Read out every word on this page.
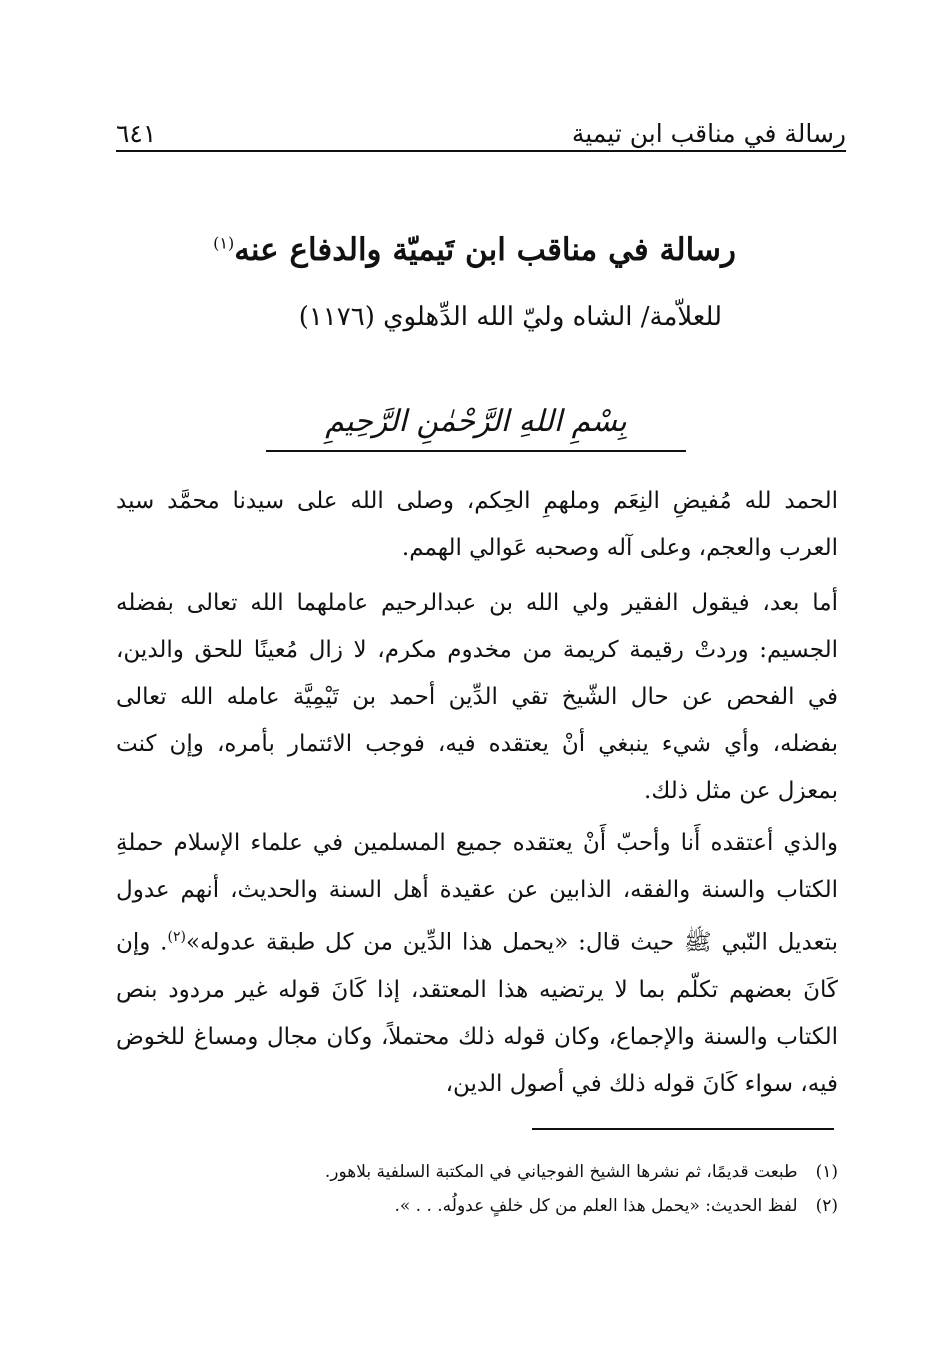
رسالة في مناقب ابن تيمية
٦٤١
رسالة في مناقب ابن تَيميّة والدفاع عنه$^{(١)}$
للعلاّمة/ الشاه وليّ الله الدِّهلوي (١١٧٦)
بِسْمِ اللهِ الرَّحْمٰنِ الرَّحِيمِ

الحمد لله مُفيضِ النِعَم وملهمِ الحِكم، وصلى الله على سيدنا محمَّد سيد العرب والعجم، وعلى آله وصحبه عَوالي الهمم.

أما بعد، فيقول الفقير ولي الله بن عبدالرحيم عاملهما الله تعالى بفضله الجسيم: وردتْ رقيمة كريمة من مخدوم مكرم، لا زال مُعينًا للحق والدين، في الفحص عن حال الشّيخ تقي الدِّين أحمد بن تَيْمِيَّة عامله الله تعالى بفضله، وأي شيء ينبغي أنْ يعتقده فيه، فوجب الائتمار بأمره، وإن كنت بمعزل عن مثل ذلك.

والذي أعتقده أَنا وأحبّ أَنْ يعتقده جميع المسلمين في علماء الإسلام حملةِ الكتاب والسنة والفقه، الذابين عن عقيدة أهل السنة والحديث، أنهم عدول بتعديل النّبي ﷺ حيث قال: «يحمل هذا الدِّين من كل طبقة عدوله»$^{(٢)}$. وإن كَانَ بعضهم تكلّم بما لا يرتضيه هذا المعتقد، إذا كَانَ قوله غير مردود بنص الكتاب والسنة والإجماع، وكان قوله ذلك محتملاً، وكان مجال ومساغ للخوض فيه، سواء كَانَ قوله ذلك في أصول الدين،

(١)
طبعت قديمًا، ثم نشرها الشيخ الفوجياني في المكتبة السلفية بلاهور.
(٢)
لفظ الحديث: «يحمل هذا العلم من كل خلفٍ عدولُه. . . ».
